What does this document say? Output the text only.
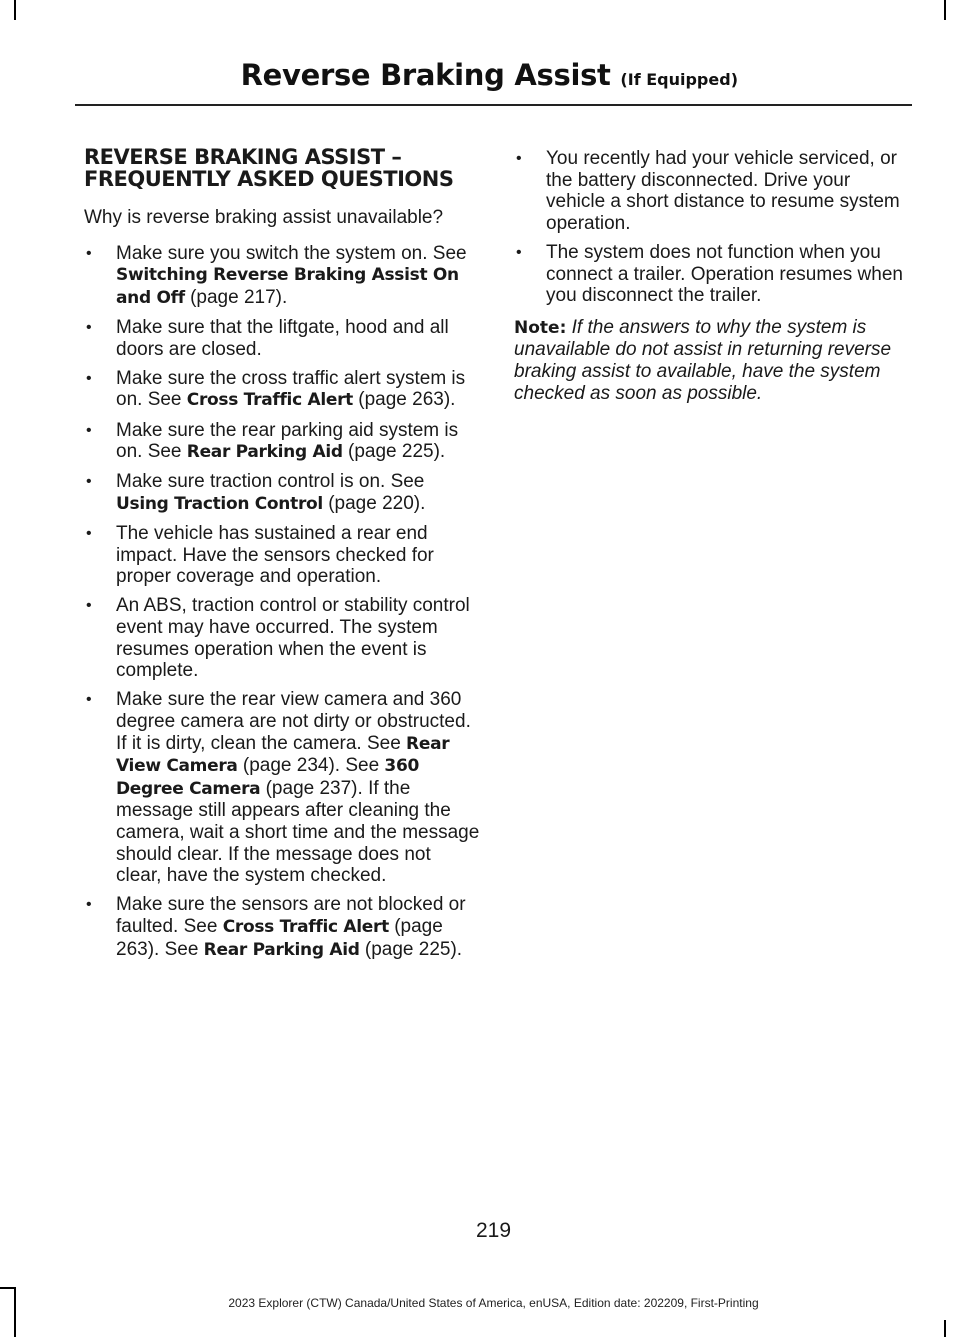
Reverse Braking Assist (If Equipped)
REVERSE BRAKING ASSIST – FREQUENTLY ASKED QUESTIONS
Why is reverse braking assist unavailable?
• Make sure you switch the system on. See Switching Reverse Braking Assist On and Off (page 217).
• Make sure that the liftgate, hood and all doors are closed.
• Make sure the cross traffic alert system is on. See Cross Traffic Alert (page 263).
• Make sure the rear parking aid system is on. See Rear Parking Aid (page 225).
• Make sure traction control is on. See Using Traction Control (page 220).
• The vehicle has sustained a rear end impact. Have the sensors checked for proper coverage and operation.
• An ABS, traction control or stability control event may have occurred. The system resumes operation when the event is complete.
• Make sure the rear view camera and 360 degree camera are not dirty or obstructed. If it is dirty, clean the camera. See Rear View Camera (page 234). See 360 Degree Camera (page 237). If the message still appears after cleaning the camera, wait a short time and the message should clear. If the message does not clear, have the system checked.
• Make sure the sensors are not blocked or faulted. See Cross Traffic Alert (page 263). See Rear Parking Aid (page 225).
• You recently had your vehicle serviced, or the battery disconnected. Drive your vehicle a short distance to resume system operation.
• The system does not function when you connect a trailer. Operation resumes when you disconnect the trailer.
Note: If the answers to why the system is unavailable do not assist in returning reverse braking assist to available, have the system checked as soon as possible.
219
2023 Explorer (CTW) Canada/United States of America, enUSA, Edition date: 202209, First-Printing
